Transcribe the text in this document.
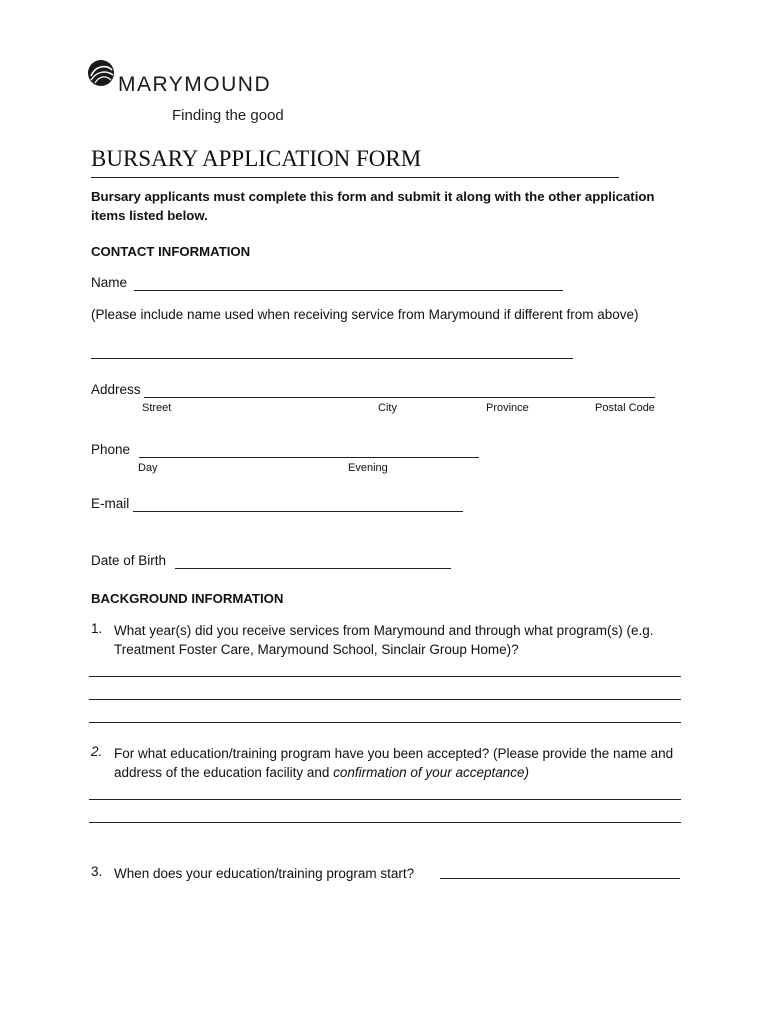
MARYMOUND
Finding the good
BURSARY APPLICATION FORM
Bursary applicants must complete this form and submit it along with the other application items listed below.
CONTACT INFORMATION
Name
(Please include name used when receiving service from Marymound if different from above)
Address
Street	City	Province	Postal Code
Phone
Day	Evening
E-mail
Date of Birth
BACKGROUND INFORMATION
1. What year(s) did you receive services from Marymound and through what program(s) (e.g. Treatment Foster Care, Marymound School, Sinclair Group Home)?
2. For what education/training program have you been accepted? (Please provide the name and address of the education facility and confirmation of your acceptance)
3. When does your education/training program start?
